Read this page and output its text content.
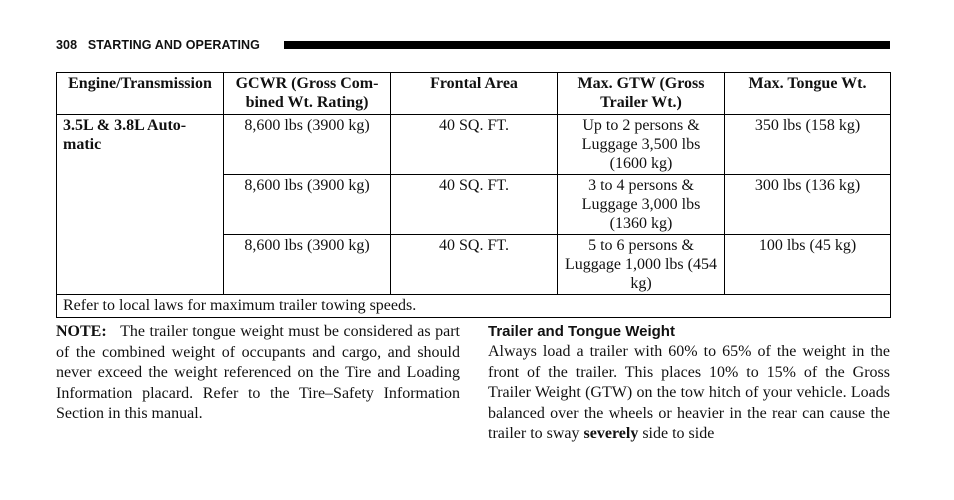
308 STARTING AND OPERATING
Engine/Transmission	GCWR (Gross Com- bined Wt. Rating)	Frontal Area	Max. GTW (Gross Trailer Wt.)	Max. Tongue Wt.
3.5L & 3.8L Auto- matic	8,600 lbs (3900 kg)	40 SQ. FT.	Up to 2 persons & Luggage 3,500 lbs (1600 kg)	350 lbs (158 kg)
	8,600 lbs (3900 kg)	40 SQ. FT.	3 to 4 persons & Luggage 3,000 lbs (1360 kg)	300 lbs (136 kg)
	8,600 lbs (3900 kg)	40 SQ. FT.	5 to 6 persons & Luggage 1,000 lbs (454 kg)	100 lbs (45 kg)
Refer to local laws for maximum trailer towing speeds.				

NOTE: The trailer tongue weight must be considered as part of the combined weight of occupants and cargo, and should never exceed the weight referenced on the Tire and Loading Information placard. Refer to the Tire–Safety Information Section in this manual.

Trailer and Tongue Weight

Always load a trailer with 60% to 65% of the weight in the front of the trailer. This places 10% to 15% of the Gross Trailer Weight (GTW) on the tow hitch of your vehicle. Loads balanced over the wheels or heavier in the rear can cause the trailer to sway severely side to side
